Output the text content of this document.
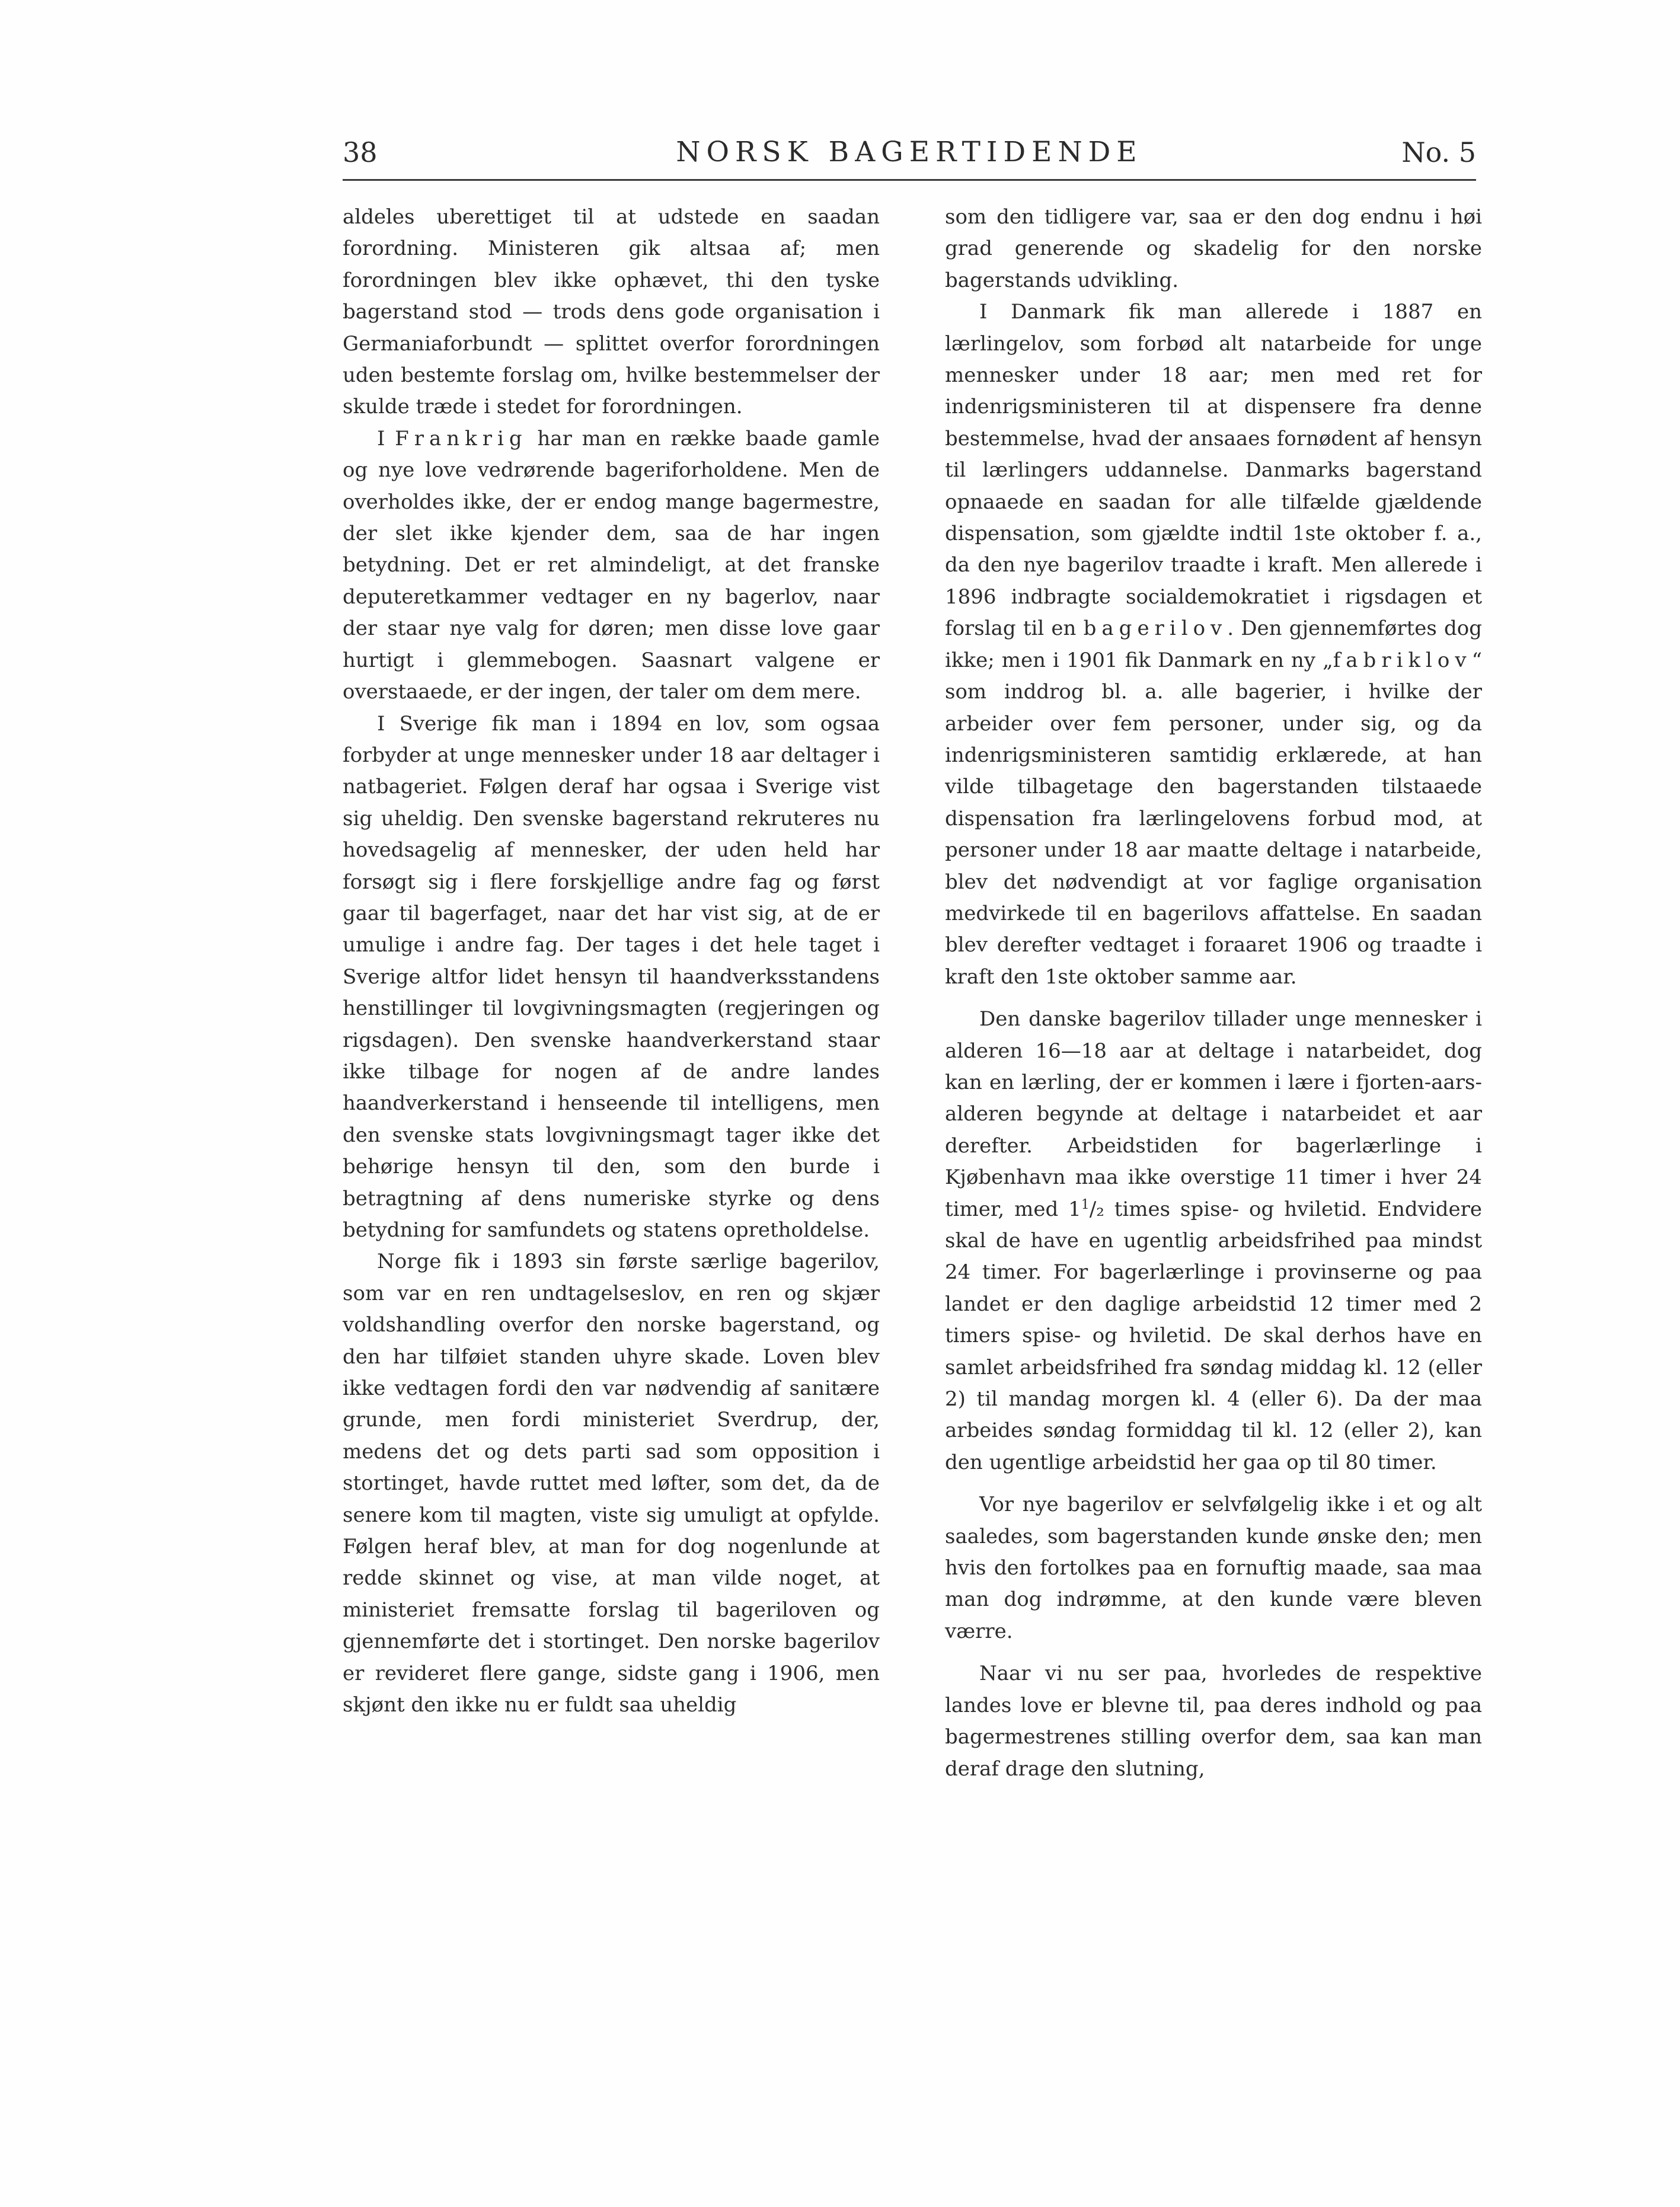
38	NORSK BAGERTIDENDE	No. 5

aldeles uberettiget til at udstede en saadan forordning. Ministeren gik altsaa af; men forordningen blev ikke ophævet, thi den tyske bagerstand stod — trods dens gode organisation i Germaniaforbundt — splittet overfor forordningen uden bestemte forslag om, hvilke bestemmelser der skulde træde i stedet for forordningen.

I Frankrig har man en række baade gamle og nye love vedrørende bageriforholdene. Men de overholdes ikke, der er endog mange bagermestre, der slet ikke kjender dem, saa de har ingen betydning. Det er ret almindeligt, at det franske deputeretkammer vedtager en ny bagerlov, naar der staar nye valg for døren; men disse love gaar hurtigt i glemmebogen. Saasnart valgene er overstaaede, er der ingen, der taler om dem mere.

I Sverige fik man i 1894 en lov, som ogsaa forbyder at unge mennesker under 18 aar deltager i natbageriet. Følgen deraf har ogsaa i Sverige vist sig uheldig. Den svenske bagerstand rekruteres nu hovedsagelig af mennesker, der uden held har forsøgt sig i flere forskjellige andre fag og først gaar til bagerfaget, naar det har vist sig, at de er umulige i andre fag. Der tages i det hele taget i Sverige altfor lidet hensyn til haandverksstandens henstillinger til lovgivningsmagten (regjeringen og rigsdagen). Den svenske haandverkerstand staar ikke tilbage for nogen af de andre landes haandverkerstand i henseende til intelligens, men den svenske stats lovgivningsmagt tager ikke det behørige hensyn til den, som den burde i betragtning af dens numeriske styrke og dens betydning for samfundets og statens opretholdelse.

Norge fik i 1893 sin første særlige bagerilov, som var en ren undtagelseslov, en ren og skjær voldshandling overfor den norske bagerstand, og den har tilføiet standen uhyre skade. Loven blev ikke vedtagen fordi den var nødvendig af sanitære grunde, men fordi ministeriet Sverdrup, der, medens det og dets parti sad som opposition i stortinget, havde ruttet med løfter, som det, da de senere kom til magten, viste sig umuligt at opfylde. Følgen heraf blev, at man for dog nogenlunde at redde skinnet og vise, at man vilde noget, at ministeriet fremsatte forslag til bageriloven og gjennemførte det i stortinget. Den norske bagerilov er revideret flere gange, sidste gang i 1906, men skjønt den ikke nu er fuldt saa uheldig

som den tidligere var, saa er den dog endnu i høi grad generende og skadelig for den norske bagerstands udvikling.

I Danmark fik man allerede i 1887 en lærlingelov, som forbød alt natarbeide for unge mennesker under 18 aar; men med ret for indenrigsministeren til at dispensere fra denne bestemmelse, hvad der ansaaes fornødent af hensyn til lærlingers uddannelse. Danmarks bagerstand opnaaede en saadan for alle tilfælde gjældende dispensation, som gjældte indtil 1ste oktober f. a., da den nye bagerilov traadte i kraft. Men allerede i 1896 indbragte socialdemokratiet i rigsdagen et forslag til en bagerilov. Den gjennemførtes dog ikke; men i 1901 fik Danmark en ny „fabriklov“ som inddrog bl. a. alle bagerier, i hvilke der arbeider over fem personer, under sig, og da indenrigsministeren samtidig erklærede, at han vilde tilbagetage den bagerstanden tilstaaede dispensation fra lærlingelovens forbud mod, at personer under 18 aar maatte deltage i natarbeide, blev det nødvendigt at vor faglige organisation medvirkede til en bagerilovs affattelse. En saadan blev derefter vedtaget i foraaret 1906 og traadte i kraft den 1ste oktober samme aar.

Den danske bagerilov tillader unge mennesker i alderen 16—18 aar at deltage i natarbeidet, dog kan en lærling, der er kommen i lære i fjorten-aars-alderen begynde at deltage i natarbeidet et aar derefter. Arbeidstiden for bagerlærlinge i Kjøbenhavn maa ikke overstige 11 timer i hver 24 timer, med $1^1/_2$ times spise- og hviletid. Endvidere skal de have en ugentlig arbeidsfrihed paa mindst 24 timer. For bagerlærlinge i provinserne og paa landet er den daglige arbeidstid 12 timer med 2 timers spise- og hviletid. De skal derhos have en samlet arbeidsfrihed fra søndag middag kl. 12 (eller 2) til mandag morgen kl. 4 (eller 6). Da der maa arbeides søndag formiddag til kl. 12 (eller 2), kan den ugentlige arbeidstid her gaa op til 80 timer.

Vor nye bagerilov er selvfølgelig ikke i et og alt saaledes, som bagerstanden kunde ønske den; men hvis den fortolkes paa en fornuftig maade, saa maa man dog indrømme, at den kunde være bleven værre.

Naar vi nu ser paa, hvorledes de respektive landes love er blevne til, paa deres indhold og paa bagermestrenes stilling overfor dem, saa kan man deraf drage den slutning,
